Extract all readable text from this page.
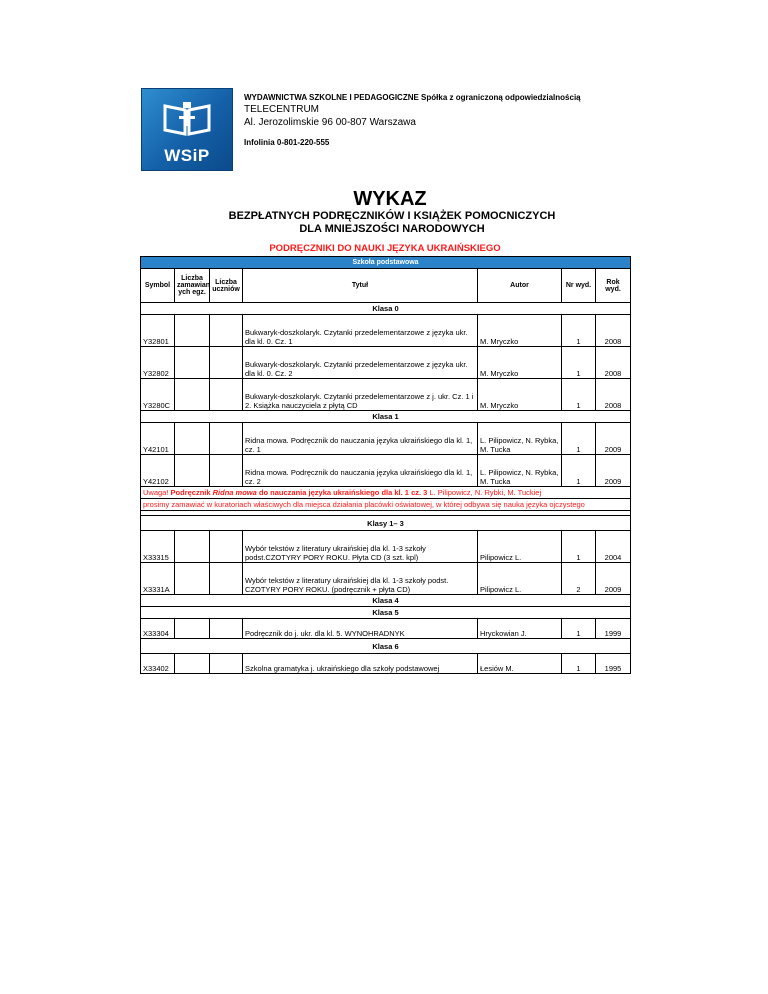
WSiP
WYDAWNICTWA SZKOLNE I PEDAGOGICZNE Spółka z ograniczoną odpowiedzialnością
TELECENTRUM
Al. Jerozolimskie 96 00-807 Warszawa
Infolinia 0-801-220-555
WYKAZ
BEZPŁATNYCH PODRĘCZNIKÓW I KSIĄŻEK POMOCNICZYCH
DLA MNIEJSZOŚCI NARODOWYCH
PODRĘCZNIKI DO NAUKI JĘZYKA UKRAIŃSKIEGO
Szkoła podstawowa						
Symbol	Liczba zamawian ych egz.	Liczba uczniów	Tytuł	Autor	Nr wyd.	Rok wyd.
Klasa 0						
Y32801			Bukwaryk-doszkolaryk. Czytanki przedelementarzowe z języka ukr. dla kl. 0. Cz. 1	M. Mryczko	1	2008
Y32802			Bukwaryk-doszkolaryk. Czytanki przedelementarzowe z języka ukr. dla kl. 0. Cz. 2	M. Mryczko	1	2008
Y3280C			Bukwaryk-doszkolaryk. Czytanki przedelementarzowe z j. ukr. Cz. 1 i 2. Książka nauczyciela z płytą CD	M. Mryczko	1	2008
Klasa 1						
Y42101			Ridna mowa. Podręcznik do nauczania języka ukraińskiego dla kl. 1, cz. 1	L. Pilipowicz, N. Rybka, M. Tucka	1	2009
Y42102			Ridna mowa. Podręcznik do nauczania języka ukraińskiego dla kl. 1, cz. 2	L. Pilipowicz, N. Rybka, M. Tucka	1	2009
Uwaga! Podręcznik Ridna mowa do nauczania języka ukraińskiego dla kl. 1 cz. 3 L. Pilipowicz, N. Rybki, M. Tuckiej						
prosimy zamawiać w kuratoriach właściwych dla miejsca działania placówki oświatowej, w której odbywa się nauka języka ojczystego						

Klasy 1– 3						
X33315			Wybór tekstów z literatury ukraińskiej dla kl. 1-3 szkoły podst.CZOTYRY PORY ROKU. Płyta CD (3 szt. kpl)	Pilipowicz L.	1	2004
X3331A			Wybór tekstów z literatury ukraińskiej dla kl. 1-3 szkoły podst. CZOTYRY PORY ROKU. (podręcznik + płyta CD)	Pilipowicz L.	2	2009
Klasa 4						
Klasa 5						
X33304			Podręcznik do j. ukr. dla kl. 5. WYNOHRADNYK	Hryckowian J.	1	1999
Klasa 6						
X33402			Szkolna gramatyka j. ukraińskiego dla szkoły podstawowej	Łesiów M.	1	1995
